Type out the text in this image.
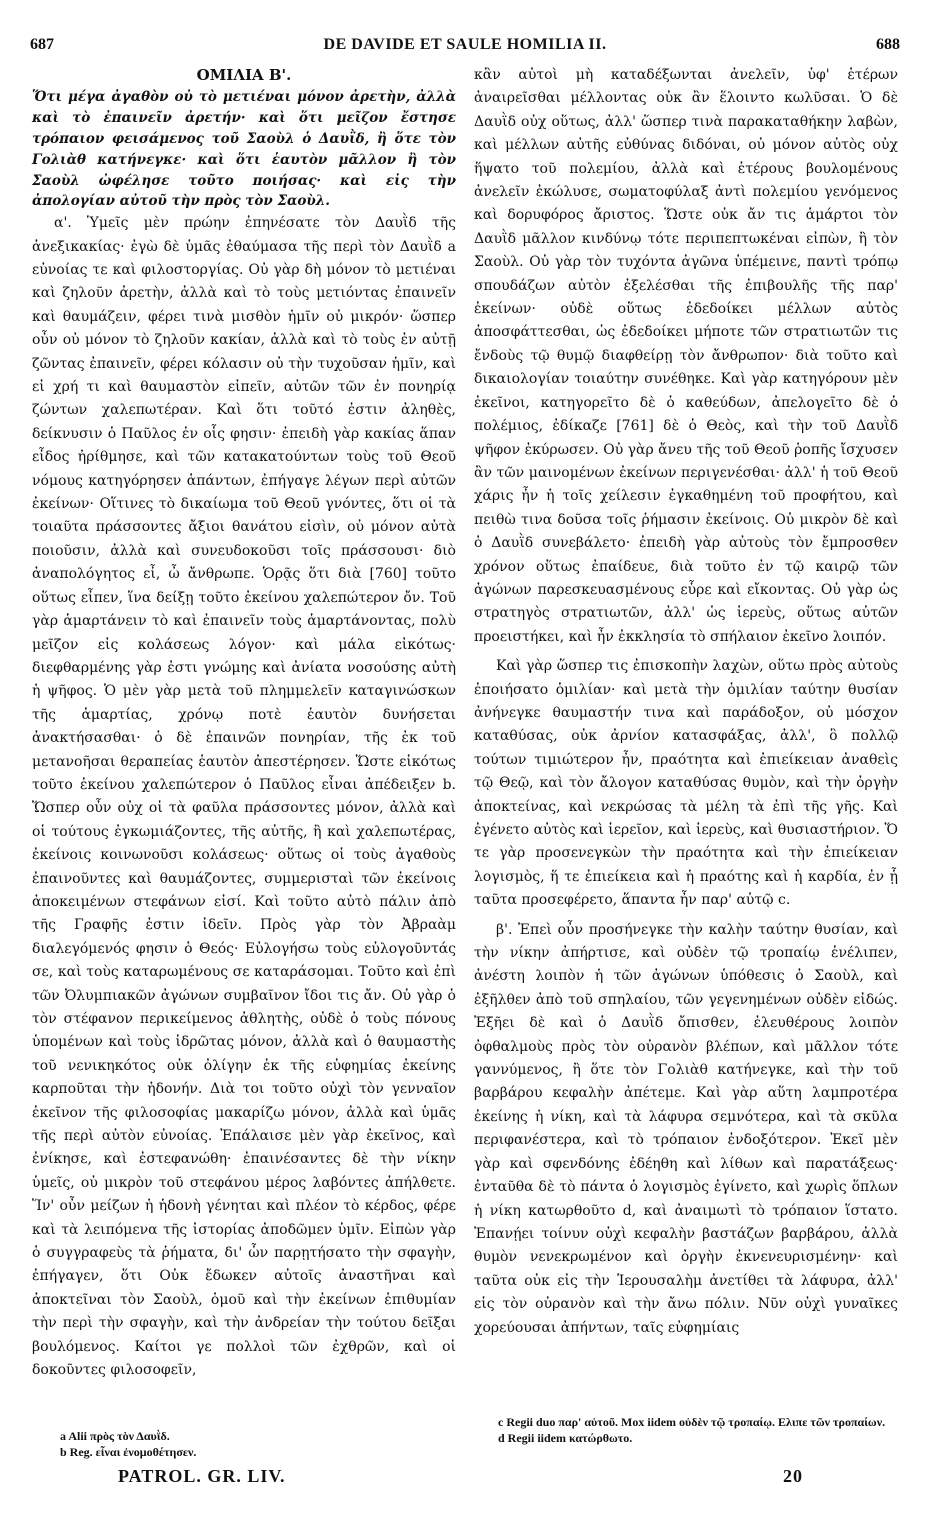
687	DE DAVIDE ET SAULE HOMILIA II.	688

ΟΜΙΛΙΑ Β'.

Ὅτι μέγα ἀγαθὸν οὐ τὸ μετιέναι μόνον ἀρετὴν, ἀλλὰ καὶ τὸ ἐπαινεῖν ἀρετήν· καὶ ὅτι μεῖζον ἔστησε τρόπαιον φεισάμενος τοῦ Σαοὺλ ὁ Δαυῒδ, ἢ ὅτε τὸν Γολιὰθ κατήνεγκε· καὶ ὅτι ἑαυτὸν μᾶλλον ἢ τὸν Σαοὺλ ὠφέλησε τοῦτο ποιήσας· καὶ εἰς τὴν ἀπολογίαν αὐτοῦ τὴν πρὸς τὸν Σαοὺλ.

α'. Ὑμεῖς μὲν πρώην ἐπηνέσατε τὸν Δαυῒδ τῆς ἀνεξικακίας· ἐγὼ δὲ ὑμᾶς ἐθαύμασα τῆς περὶ τὸν Δαυῒδ a εὐνοίας τε καὶ φιλοστοργίας. Οὐ γὰρ δὴ μόνον τὸ μετιέναι καὶ ζηλοῦν ἀρετὴν, ἀλλὰ καὶ τὸ τοὺς μετιόντας ἐπαινεῖν καὶ θαυμάζειν, φέρει τινὰ μισθὸν ἡμῖν οὐ μικρόν· ὥσπερ οὖν οὐ μόνον τὸ ζηλοῦν κακίαν, ἀλλὰ καὶ τὸ τοὺς ἐν αὐτῇ ζῶντας ἐπαινεῖν, φέρει κόλασιν οὐ τὴν τυχοῦσαν ἡμῖν, καὶ εἰ χρή τι καὶ θαυμαστὸν εἰπεῖν, αὐτῶν τῶν ἐν πονηρίᾳ ζώντων χαλεπωτέραν. Καὶ ὅτι τοῦτό ἐστιν ἀληθὲς, δείκνυσιν ὁ Παῦλος ἐν οἷς φησιν· ἐπειδὴ γὰρ κακίας ἅπαν εἶδος ἠρίθμησε, καὶ τῶν κατακατούντων τοὺς τοῦ Θεοῦ νόμους κατηγόρησεν ἁπάντων, ἐπήγαγε λέγων περὶ αὐτῶν ἐκείνων· Οἵτινες τὸ δικαίωμα τοῦ Θεοῦ γνόντες, ὅτι οἱ τὰ τοιαῦτα πράσσοντες ἄξιοι θανάτου εἰσὶν, οὐ μόνον αὐτὰ ποιοῦσιν, ἀλλὰ καὶ συνευδοκοῦσι τοῖς πράσσουσι· διὸ ἀναπολόγητος εἶ, ὦ ἄνθρωπε. Ὁρᾷς ὅτι διὰ [760] τοῦτο οὕτως εἶπεν, ἵνα δείξῃ τοῦτο ἐκείνου χαλεπώτερον ὄν. Τοῦ γὰρ ἁμαρτάνειν τὸ καὶ ἐπαινεῖν τοὺς ἁμαρτάνοντας, πολὺ μεῖζον εἰς κολάσεως λόγον· καὶ μάλα εἰκότως· διεφθαρμένης γὰρ ἐστι γνώμης καὶ ἀνίατα νοσούσης αὐτὴ ἡ ψῆφος. Ὁ μὲν γὰρ μετὰ τοῦ πλημμελεῖν καταγινώσκων τῆς ἁμαρτίας, χρόνῳ ποτὲ ἑαυτὸν δυνήσεται ἀνακτήσασθαι· ὁ δὲ ἐπαινῶν πονηρίαν, τῆς ἐκ τοῦ μετανοῆσαι θεραπείας ἑαυτὸν ἀπεστέρησεν. Ὥστε εἰκότως τοῦτο ἐκείνου χαλεπώτερον ὁ Παῦλος εἶναι ἀπέδειξεν b. Ὥσπερ οὖν οὐχ οἱ τὰ φαῦλα πράσσοντες μόνον, ἀλλὰ καὶ οἱ τούτους ἐγκωμιάζοντες, τῆς αὐτῆς, ἢ καὶ χαλεπωτέρας, ἐκείνοις κοινωνοῦσι κολάσεως· οὕτως οἱ τοὺς ἀγαθοὺς ἐπαινοῦντες καὶ θαυμάζοντες, συμμερισταὶ τῶν ἐκείνοις ἀποκειμένων στεφάνων εἰσί. Καὶ τοῦτο αὐτὸ πάλιν ἀπὸ τῆς Γραφῆς ἐστιν ἰδεῖν. Πρὸς γὰρ τὸν Ἀβραὰμ διαλεγόμενός φησιν ὁ Θεός· Εὐλογήσω τοὺς εὐλογοῦντάς σε, καὶ τοὺς καταρωμένους σε καταράσομαι. Τοῦτο καὶ ἐπὶ τῶν Ὀλυμπιακῶν ἀγώνων συμβαῖνον ἴδοι τις ἄν. Οὐ γὰρ ὁ τὸν στέφανον περικείμενος ἀθλητὴς, οὐδὲ ὁ τοὺς πόνους ὑπομένων καὶ τοὺς ἱδρῶτας μόνον, ἀλλὰ καὶ ὁ θαυμαστὴς τοῦ νενικηκότος οὐκ ὀλίγην ἐκ τῆς εὐφημίας ἐκείνης καρποῦται τὴν ἡδονήν. Διὰ τοι τοῦτο οὐχὶ τὸν γενναῖον ἐκεῖνον τῆς φιλοσοφίας μακαρίζω μόνον, ἀλλὰ καὶ ὑμᾶς τῆς περὶ αὐτὸν εὐνοίας. Ἐπάλαισε μὲν γὰρ ἐκεῖνος, καὶ ἐνίκησε, καὶ ἐστεφανώθη· ἐπαινέσαντες δὲ τὴν νίκην ὑμεῖς, οὐ μικρὸν τοῦ στεφάνου μέρος λαβόντες ἀπήλθετε. Ἵν' οὖν μείζων ἡ ἡδονὴ γένηται καὶ πλέον τὸ κέρδος, φέρε καὶ τὰ λειπόμενα τῆς ἱστορίας ἀποδῶμεν ὑμῖν. Εἰπὼν γὰρ ὁ συγγραφεὺς τὰ ῥήματα, δι' ὧν παρῃτήσατο τὴν σφαγὴν, ἐπήγαγεν, ὅτι Οὐκ ἔδωκεν αὐτοῖς ἀναστῆναι καὶ ἀποκτεῖναι τὸν Σαοὺλ, ὁμοῦ καὶ τὴν ἐκείνων ἐπιθυμίαν τὴν περὶ τὴν σφαγὴν, καὶ τὴν ἀνδρείαν τὴν τούτου δεῖξαι βουλόμενος. Καίτοι γε πολλοὶ τῶν ἐχθρῶν, καὶ οἱ δοκοῦντες φιλοσοφεῖν,

κἂν αὐτοὶ μὴ καταδέξωνται ἀνελεῖν, ὑφ' ἑτέρων ἀναιρεῖσθαι μέλλοντας οὐκ ἂν ἕλοιντο κωλῦσαι. Ὁ δὲ Δαυῒδ οὐχ οὕτως, ἀλλ' ὥσπερ τινὰ παρακαταθήκην λαβὼν, καὶ μέλλων αὐτῆς εὐθύνας διδόναι, οὐ μόνον αὐτὸς οὐχ ἥψατο τοῦ πολεμίου, ἀλλὰ καὶ ἑτέρους βουλομένους ἀνελεῖν ἐκώλυσε, σωματοφύλαξ ἀντὶ πολεμίου γενόμενος καὶ δορυφόρος ἄριστος. Ὥστε οὐκ ἄν τις ἁμάρτοι τὸν Δαυῒδ μᾶλλον κινδύνῳ τότε περιπεπτωκέναι εἰπὼν, ἢ τὸν Σαοὺλ. Οὐ γὰρ τὸν τυχόντα ἀγῶνα ὑπέμεινε, παντὶ τρόπῳ σπουδάζων αὐτὸν ἐξελέσθαι τῆς ἐπιβουλῆς τῆς παρ' ἐκείνων· οὐδὲ οὕτως ἐδεδοίκει μέλλων αὐτὸς ἀποσφάττεσθαι, ὡς ἐδεδοίκει μήποτε τῶν στρατιωτῶν τις ἔνδοὺς τῷ θυμῷ διαφθείρῃ τὸν ἄνθρωπον· διὰ τοῦτο καὶ δικαιολογίαν τοιαύτην συνέθηκε. Καὶ γὰρ κατηγόρουν μὲν ἐκεῖνοι, κατηγορεῖτο δὲ ὁ καθεύδων, ἀπελογεῖτο δὲ ὁ πολέμιος, ἐδίκαζε [761] δὲ ὁ Θεὸς, καὶ τὴν τοῦ Δαυῒδ ψῆφον ἐκύρωσεν. Οὐ γὰρ ἄνευ τῆς τοῦ Θεοῦ ῥοπῆς ἴσχυσεν ἂν τῶν μαινομένων ἐκείνων περιγενέσθαι· ἀλλ' ἡ τοῦ Θεοῦ χάρις ἦν ἡ τοῖς χείλεσιν ἐγκαθημένη τοῦ προφήτου, καὶ πειθὼ τινα δοῦσα τοῖς ῥήμασιν ἐκείνοις. Οὐ μικρὸν δὲ καὶ ὁ Δαυῒδ συνεβάλετο· ἐπειδὴ γὰρ αὐτοὺς τὸν ἔμπροσθεν χρόνον οὕτως ἐπαίδευε, διὰ τοῦτο ἐν τῷ καιρῷ τῶν ἀγώνων παρεσκευασμένους εὗρε καὶ εἴκοντας. Οὐ γὰρ ὡς στρατηγὸς στρατιωτῶν, ἀλλ' ὡς ἱερεὺς, οὕτως αὐτῶν προειστήκει, καὶ ἦν ἐκκλησία τὸ σπήλαιον ἐκεῖνο λοιπόν.

Καὶ γὰρ ὥσπερ τις ἐπισκοπὴν λαχὼν, οὕτω πρὸς αὐτοὺς ἐποιήσατο ὁμιλίαν· καὶ μετὰ τὴν ὁμιλίαν ταύτην θυσίαν ἀνήνεγκε θαυμαστήν τινα καὶ παράδοξον, οὐ μόσχον καταθύσας, οὐκ ἀρνίον κατασφάξας, ἀλλ', ὃ πολλῷ τούτων τιμιώτερον ἦν, πραότητα καὶ ἐπιείκειαν ἀναθεὶς τῷ Θεῷ, καὶ τὸν ἄλογον καταθύσας θυμὸν, καὶ τὴν ὀργὴν ἀποκτείνας, καὶ νεκρώσας τὰ μέλη τὰ ἐπὶ τῆς γῆς. Καὶ ἐγένετο αὐτὸς καὶ ἱερεῖον, καὶ ἱερεὺς, καὶ θυσιαστήριον. Ὅ τε γὰρ προσενεγκὼν τὴν πραότητα καὶ τὴν ἐπιείκειαν λογισμὸς, ἥ τε ἐπιείκεια καὶ ἡ πραότης καὶ ἡ καρδία, ἐν ᾗ ταῦτα προσεφέρετο, ἅπαντα ἦν παρ' αὐτῷ c.

β'. Ἐπεὶ οὖν προσήνεγκε τὴν καλὴν ταύτην θυσίαν, καὶ τὴν νίκην ἀπήρτισε, καὶ οὐδὲν τῷ τροπαίῳ ἐνέλιπεν, ἀνέστη λοιπὸν ἡ τῶν ἀγώνων ὑπόθεσις ὁ Σαοὺλ, καὶ ἐξῆλθεν ἀπὸ τοῦ σπηλαίου, τῶν γεγενημένων οὐδὲν εἰδώς. Ἐξῆει δὲ καὶ ὁ Δαυῒδ ὄπισθεν, ἐλευθέρους λοιπὸν ὀφθαλμοὺς πρὸς τὸν οὐρανὸν βλέπων, καὶ μᾶλλον τότε γαννύμενος, ἢ ὅτε τὸν Γολιὰθ κατήνεγκε, καὶ τὴν τοῦ βαρβάρου κεφαλὴν ἀπέτεμε. Καὶ γὰρ αὕτη λαμπροτέρα ἐκείνης ἡ νίκη, καὶ τὰ λάφυρα σεμνότερα, καὶ τὰ σκῦλα περιφανέστερα, καὶ τὸ τρόπαιον ἐνδοξότερον. Ἐκεῖ μὲν γὰρ καὶ σφενδόνης ἐδέηθη καὶ λίθων καὶ παρατάξεως· ἐνταῦθα δὲ τὸ πάντα ὁ λογισμὸς ἐγίνετο, καὶ χωρὶς ὅπλων ἡ νίκη κατωρθοῦτο d, καὶ ἀναιμωτὶ τὸ τρόπαιον ἵστατο. Ἐπανῄει τοίνυν οὐχὶ κεφαλὴν βαστάζων βαρβάρου, ἀλλὰ θυμὸν νενεκρωμένον καὶ ὀργὴν ἐκνενευρισμένην· καὶ ταῦτα οὐκ εἰς τὴν Ἱερουσαλὴμ ἀνετίθει τὰ λάφυρα, ἀλλ' εἰς τὸν οὐρανὸν καὶ τὴν ἄνω πόλιν. Νῦν οὐχὶ γυναῖκες χορεύουσαι ἀπήντων, ταῖς εὐφημίαις

a Alii πρὸς τὸν Δαυῒδ.
b Reg. εἶναι ἐνομοθέτησεν.
c Regii duo παρ' αὐτοῦ. Mox iidem οὐδὲν τῷ τροπαίῳ. Ελιπε τῶν τροπαίων.
d Regii iidem κατώρθωτο.
PATROL. GR. LIV.	20
